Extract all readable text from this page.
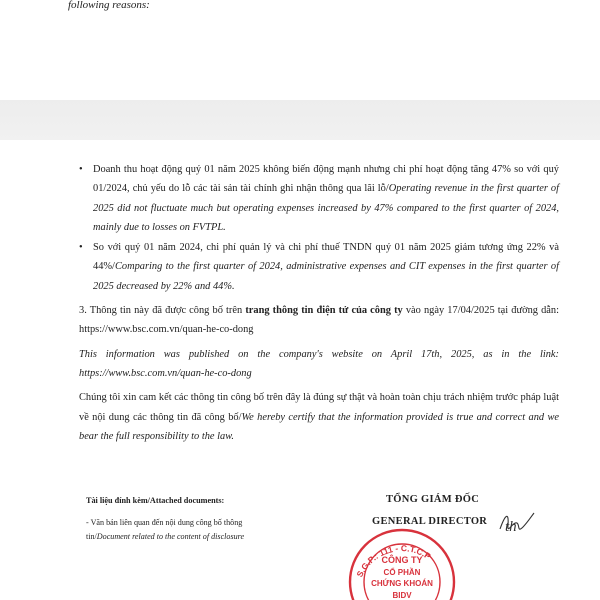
following reasons:

• Doanh thu hoạt động quý 01 năm 2025 không biến động mạnh nhưng chi phí hoạt động tăng 47% so với quý 01/2024, chủ yếu do lỗ các tài sản tài chính ghi nhận thông qua lãi lỗ/Operating revenue in the first quarter of 2025 did not fluctuate much but operating expenses increased by 47% compared to the first quarter of 2024, mainly due to losses on FVTPL.

• So với quý 01 năm 2024, chi phí quản lý và chi phí thuế TNDN quý 01 năm 2025 giảm tương ứng 22% và 44%/Comparing to the first quarter of 2024, administrative expenses and CIT expenses in the first quarter of 2025 decreased by 22% and 44%.

3. Thông tin này đã được công bố trên trang thông tin điện tử của công ty vào ngày 17/04/2025 tại đường dẫn: https://www.bsc.com.vn/quan-he-co-dong

This information was published on the company's website on April 17th, 2025, as in the link: https://www.bsc.com.vn/quan-he-co-dong

Chúng tôi xin cam kết các thông tin công bố trên đây là đúng sự thật và hoàn toàn chịu trách nhiệm trước pháp luật về nội dung các thông tin đã công bố/We hereby certify that the information provided is true and correct and we bear the full responsibility to the law.

Tài liệu đính kèm/Attached documents:
- Văn bản liên quan đến nội dung công bố thông tin/Document related to the content of disclosure
TỔNG GIÁM ĐỐC
GENERAL DIRECTOR th
S.G.P.: 111 - C.T.C.P
CÔNG TY
CỔ PHẦN
CHỨNG KHOÁN
BIDV
